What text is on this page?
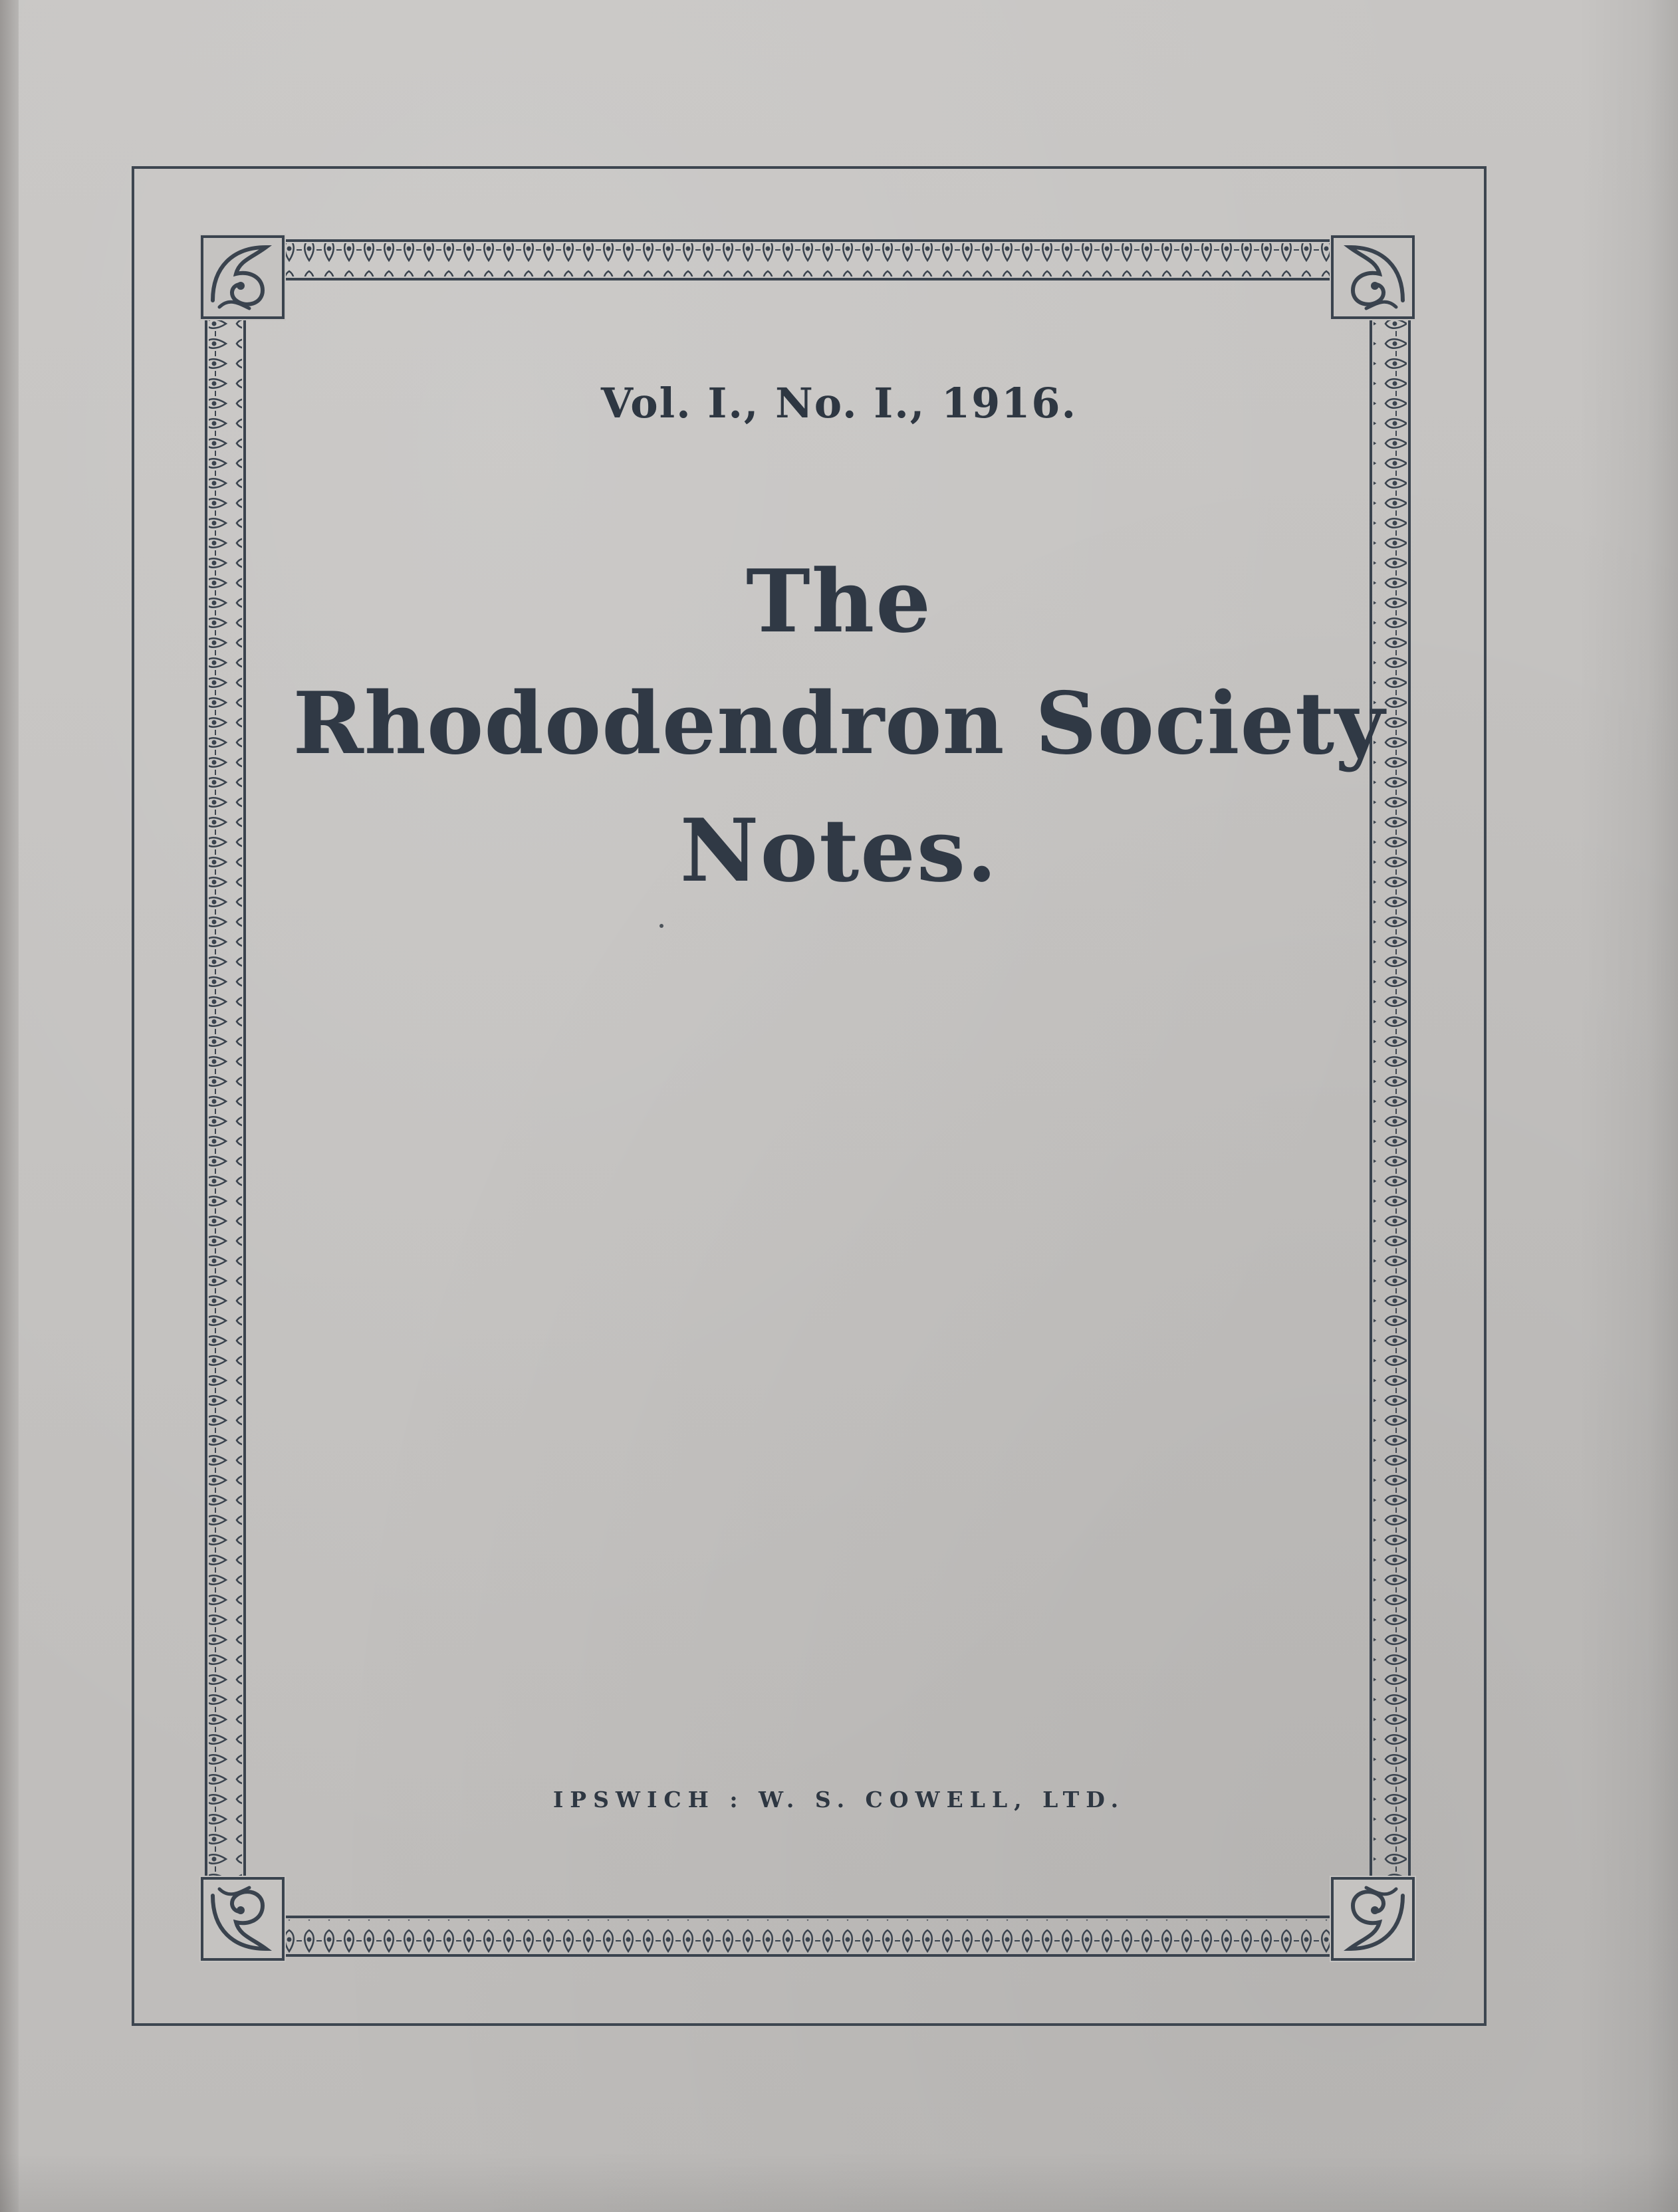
Vol. I., No. I., 1916.
The
Rhododendron Society
Notes.
IPSWICH : W. S. COWELL, LTD.
